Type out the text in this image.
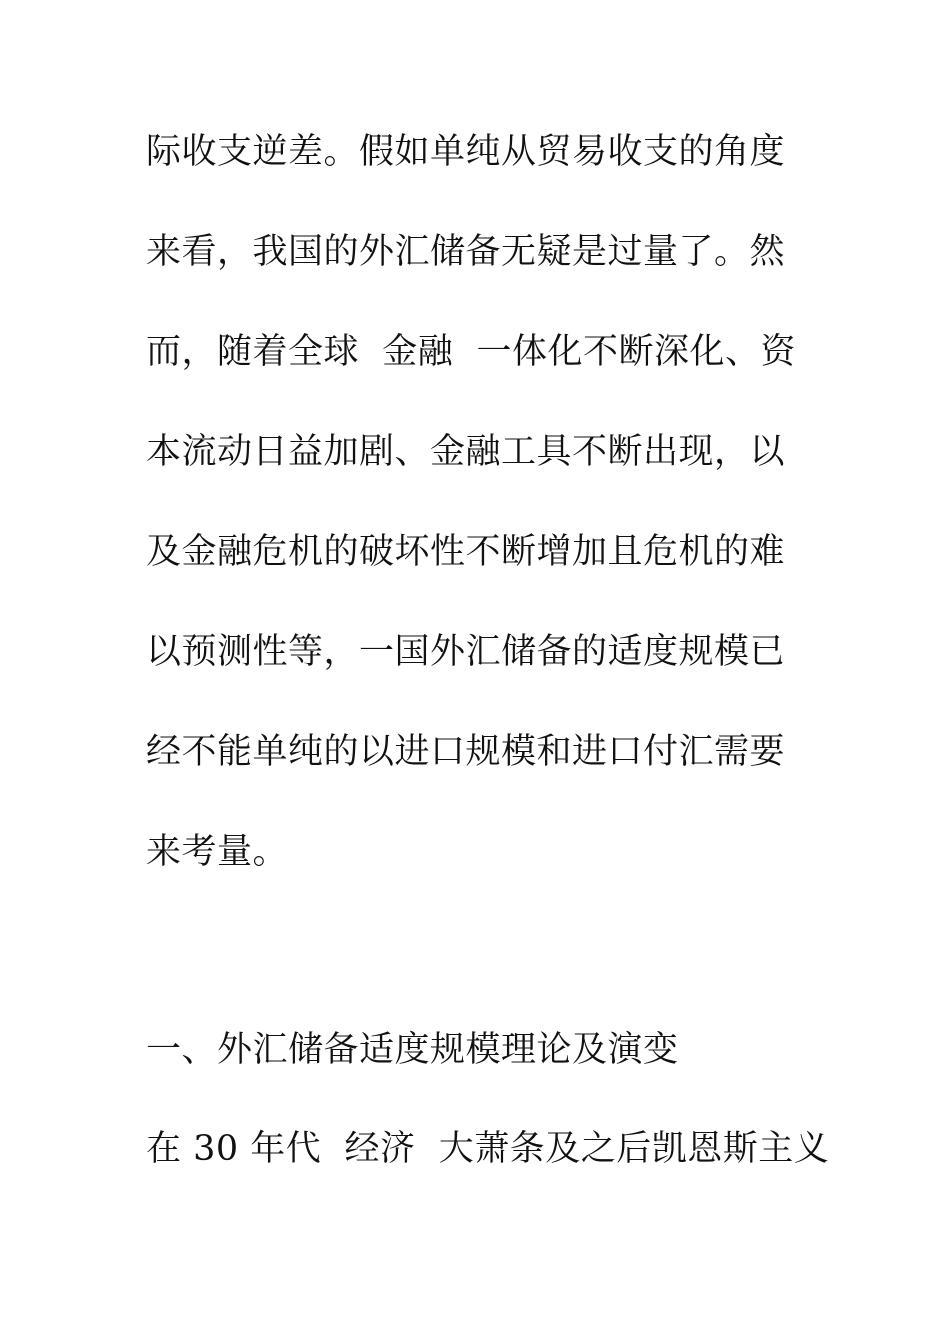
际收支逆差。假如单纯从贸易收支的角度
来看，我国的外汇储备无疑是过量了。然
而，随着全球  金融  一体化不断深化、资
本流动日益加剧、金融工具不断出现，以
及金融危机的破坏性不断增加且危机的难
以预测性等，一国外汇储备的适度规模已
经不能单纯的以进口规模和进口付汇需要
来考量。
一、外汇储备适度规模理论及演变
在 30 年代  经济  大萧条及之后凯恩斯主义
